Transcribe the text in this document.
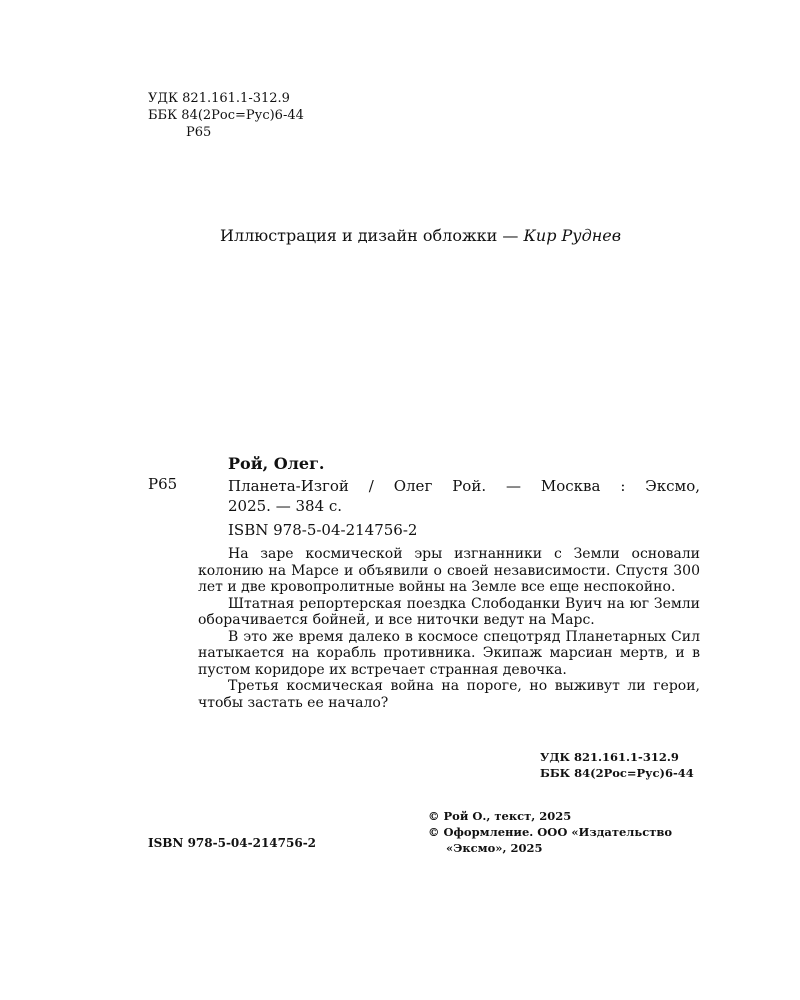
УДК 821.161.1-312.9
ББК 84(2Рос=Рус)6-44
Р65
Иллюстрация и дизайн обложки — Кир Руднев
Р65
Рой, Олег.
Планета-Изгой / Олег Рой. — Москва : Эксмо,
2025. — 384 с.
ISBN 978-5-04-214756-2

На заре космической эры изгнанники с Земли основали колонию на Марсе и объявили о своей независимости. Спустя 300 лет и две кровопролитные войны на Земле все еще неспокойно.

Штатная репортерская поездка Слободанки Вуич на юг Земли оборачивается бойней, и все ниточки ведут на Марс.

В это же время далеко в космосе спецотряд Планетарных Сил натыкается на корабль противника. Экипаж марсиан мертв, и в пустом коридоре их встречает странная девочка.

Третья космическая война на пороге, но выживут ли герои, чтобы застать ее начало?

УДК 821.161.1-312.9
ББК 84(2Рос=Рус)6-44
ISBN 978-5-04-214756-2
© Рой О., текст, 2025
© Оформление. ООО «Издательство
«Эксмо», 2025
